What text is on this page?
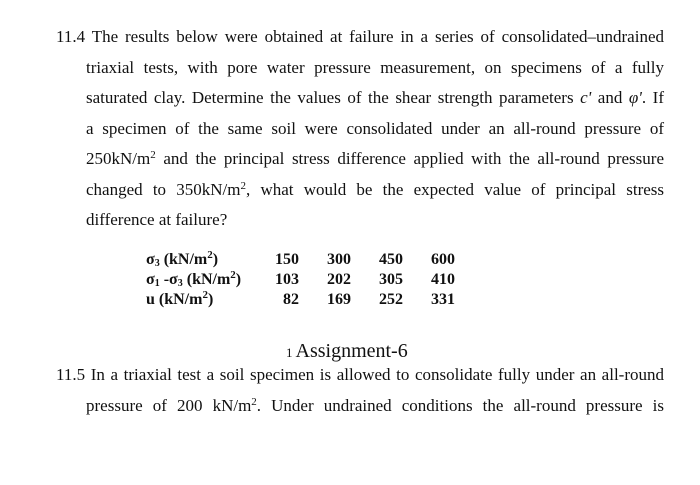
11.4 The results below were obtained at failure in a series of consolidated–undrained
triaxial tests, with pore water pressure measurement, on specimens of a fully
saturated clay. Determine the values of the shear strength parameters c' and φ'. If
a specimen of the same soil were consolidated under an all-round pressure of
$250kN/m^2$ and the principal stress difference applied with the all-round pressure
changed to $350kN/m^2$, what would be the expected value of principal stress
difference at failure?
$\sigma_3$ $(kN/m^2)$	150	300	450	600
$\sigma_1$ $-\sigma_3$ $(kN/m^2)$	103	202	305	410
u $(kN/m^2)$	82	169	252	331
1 Assignment-6
11.5 In a triaxial test a soil specimen is allowed to consolidate fully under an all-round
pressure of 200 $kN/m^2$. Under undrained conditions the all-round pressure is
